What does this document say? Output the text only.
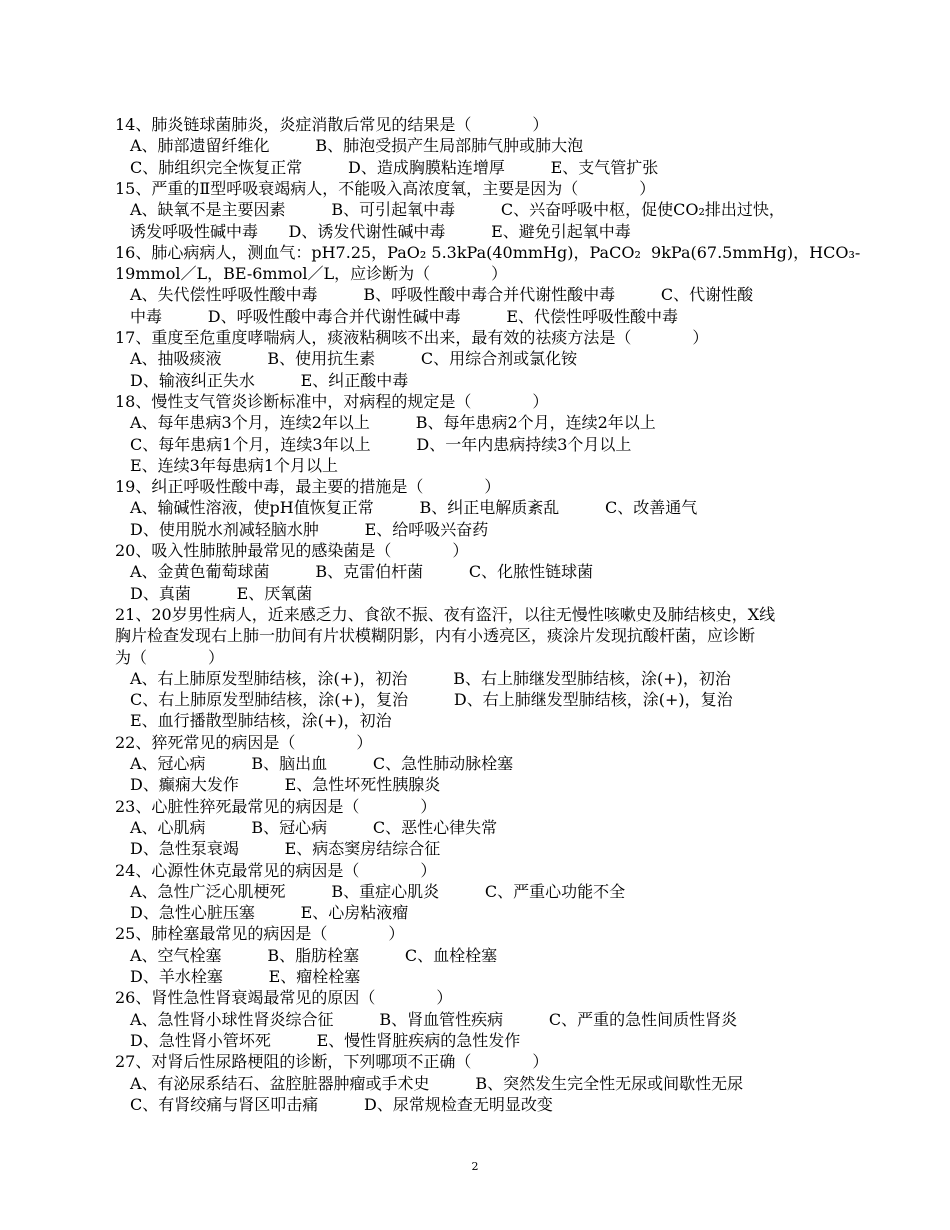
14、肺炎链球菌肺炎，炎症消散后常见的结果是（            ）
A、肺部遗留纤维化         B、肺泡受损产生局部肺气肿或肺大泡
C、肺组织完全恢复正常         D、造成胸膜粘连增厚         E、支气管扩张
15、严重的Ⅱ型呼吸衰竭病人，不能吸入高浓度氧，主要是因为（            ）
A、缺氧不是主要因素         B、可引起氧中毒         C、兴奋呼吸中枢，促使CO₂排出过快，
诱发呼吸性碱中毒      D、诱发代谢性碱中毒         E、避免引起氧中毒
16、肺心病病人，测血气：pH7.25，PaO₂ 5.3kPa(40mmHg)，PaCO₂  9kPa(67.5mmHg)，HCO₃-
19mmol／L，BE-6mmol／L，应诊断为（            ）
A、失代偿性呼吸性酸中毒         B、呼吸性酸中毒合并代谢性酸中毒         C、代谢性酸
中毒         D、呼吸性酸中毒合并代谢性碱中毒         E、代偿性呼吸性酸中毒
17、重度至危重度哮喘病人，痰液粘稠咳不出来，最有效的祛痰方法是（            ）
A、抽吸痰液         B、使用抗生素         C、用综合剂或氯化铵
D、输液纠正失水         E、纠正酸中毒
18、慢性支气管炎诊断标准中，对病程的规定是（            ）
A、每年患病3个月，连续2年以上         B、每年患病2个月，连续2年以上
C、每年患病1个月，连续3年以上         D、一年内患病持续3个月以上
E、连续3年每患病1个月以上
19、纠正呼吸性酸中毒，最主要的措施是（            ）
A、输碱性溶液，使pH值恢复正常         B、纠正电解质紊乱         C、改善通气
D、使用脱水剂减轻脑水肿         E、给呼吸兴奋药
20、吸入性肺脓肿最常见的感染菌是（            ）
A、金黄色葡萄球菌         B、克雷伯杆菌         C、化脓性链球菌
D、真菌         E、厌氧菌
21、20岁男性病人，近来感乏力、食欲不振、夜有盗汗，以往无慢性咳嗽史及肺结核史，X线
胸片检查发现右上肺一肋间有片状模糊阴影，内有小透亮区，痰涂片发现抗酸杆菌，应诊断
为（            ）
A、右上肺原发型肺结核，涂(+)，初治         B、右上肺继发型肺结核，涂(+)，初治
C、右上肺原发型肺结核，涂(+)，复治         D、右上肺继发型肺结核，涂(+)，复治
E、血行播散型肺结核，涂(+)，初治
22、猝死常见的病因是（            ）
A、冠心病         B、脑出血         C、急性肺动脉栓塞
D、癫痫大发作         E、急性坏死性胰腺炎
23、心脏性猝死最常见的病因是（            ）
A、心肌病         B、冠心病         C、恶性心律失常
D、急性泵衰竭         E、病态窦房结综合征
24、心源性休克最常见的病因是（            ）
A、急性广泛心肌梗死         B、重症心肌炎         C、严重心功能不全
D、急性心脏压塞         E、心房粘液瘤
25、肺栓塞最常见的病因是（            ）
A、空气栓塞         B、脂肪栓塞         C、血栓栓塞
D、羊水栓塞         E、瘤栓栓塞
26、肾性急性肾衰竭最常见的原因（            ）
A、急性肾小球性肾炎综合征         B、肾血管性疾病         C、严重的急性间质性肾炎
D、急性肾小管坏死         E、慢性肾脏疾病的急性发作
27、对肾后性尿路梗阻的诊断，下列哪项不正确（            ）
A、有泌尿系结石、盆腔脏器肿瘤或手术史         B、突然发生完全性无尿或间歇性无尿
C、有肾绞痛与肾区叩击痛         D、尿常规检查无明显改变
2
